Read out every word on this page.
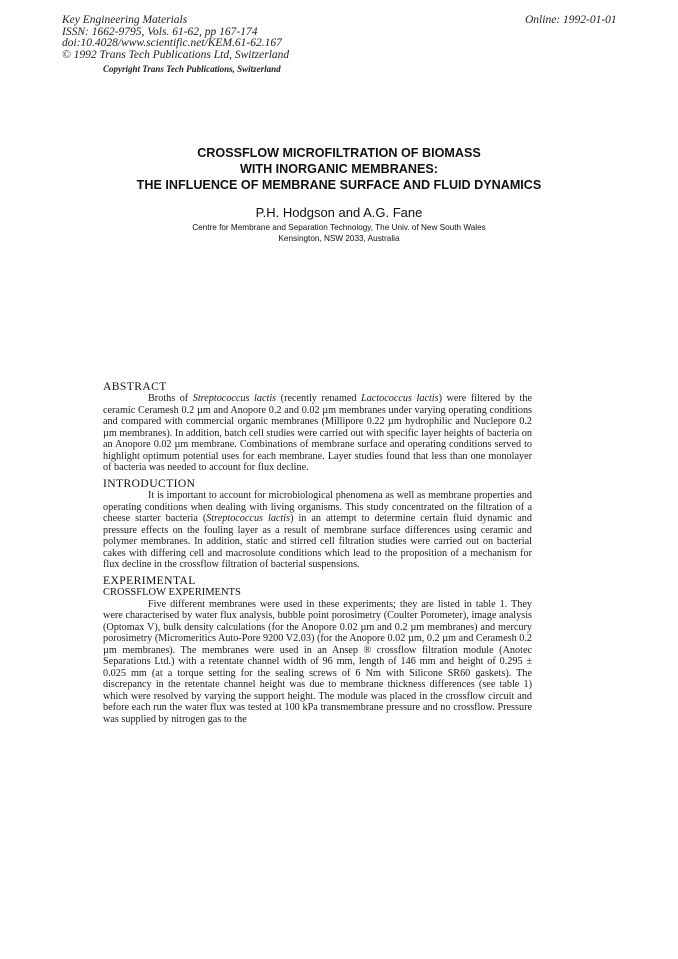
Key Engineering Materials
ISSN: 1662-9795, Vols. 61-62, pp 167-174
doi:10.4028/www.scientific.net/KEM.61-62.167
© 1992 Trans Tech Publications Ltd, Switzerland
Online: 1992-01-01
Copyright Trans Tech Publications, Switzerland
CROSSFLOW MICROFILTRATION OF BIOMASS
WITH INORGANIC MEMBRANES:
THE INFLUENCE OF MEMBRANE SURFACE AND FLUID DYNAMICS
P.H. Hodgson and A.G. Fane
Centre for Membrane and Separation Technology, The Univ. of New South Wales
Kensington, NSW 2033, Australia
ABSTRACT

Broths of Streptococcus lactis (recently renamed Lactococcus lactis) were filtered by the ceramic Ceramesh 0.2 µm and Anopore 0.2 and 0.02 µm membranes under varying operating conditions and compared with commercial organic membranes (Millipore 0.22 µm hydrophilic and Nuclepore 0.2 µm membranes). In addition, batch cell studies were carried out with specific layer heights of bacteria on an Anopore 0.02 µm membrane. Combinations of membrane surface and operating conditions served to highlight optimum potential uses for each membrane. Layer studies found that less than one monolayer of bacteria was needed to account for flux decline.

INTRODUCTION

It is important to account for microbiological phenomena as well as membrane properties and operating conditions when dealing with living organisms. This study concentrated on the filtration of a cheese starter bacteria (Streptococcus lactis) in an attempt to determine certain fluid dynamic and pressure effects on the fouling layer as a result of membrane surface differences using ceramic and polymer membranes. In addition, static and stirred cell filtration studies were carried out on bacterial cakes with differing cell and macrosolute conditions which lead to the proposition of a mechanism for flux decline in the crossflow filtration of bacterial suspensions.

EXPERIMENTAL
CROSSFLOW EXPERIMENTS

Five different membranes were used in these experiments; they are listed in table 1. They were characterised by water flux analysis, bubble point porosimetry (Coulter Porometer), image analysis (Optomax V), bulk density calculations (for the Anopore 0.02 µm and 0.2 µm membranes) and mercury porosimetry (Micromeritics Auto-Pore 9200 V2.03) (for the Anopore 0.02 µm, 0.2 µm and Ceramesh 0.2 µm membranes). The membranes were used in an Ansep ® crossflow filtration module (Anotec Separations Ltd.) with a retentate channel width of 96 mm, length of 146 mm and height of 0.295 ± 0.025 mm (at a torque setting for the sealing screws of 6 Nm with Silicone SR60 gaskets). The discrepancy in the retentate channel height was due to membrane thickness differences (see table 1) which were resolved by varying the support height. The module was placed in the crossflow circuit and before each run the water flux was tested at 100 kPa transmembrane pressure and no crossflow. Pressure was supplied by nitrogen gas to the
